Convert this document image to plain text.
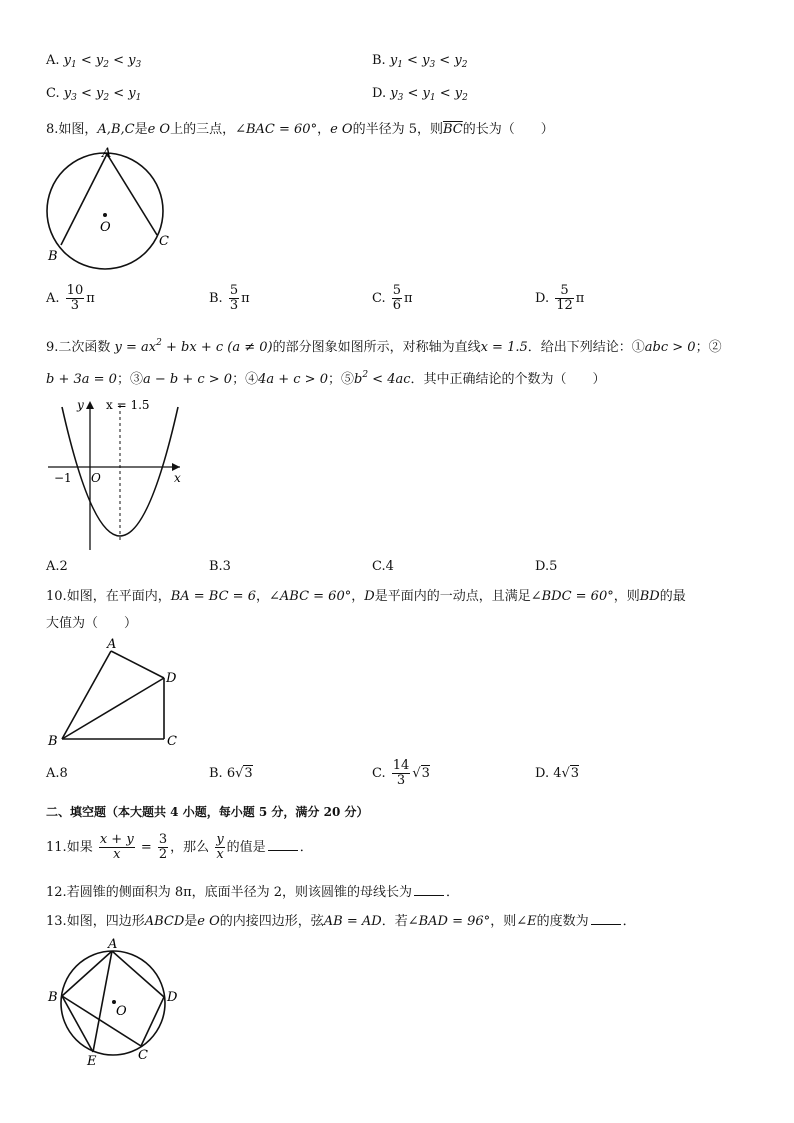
A. $y_1 < y_2 < y_3$	B. $y_1 < y_3 < y_2$
C. $y_3 < y_2 < y_1$	D. $y_3 < y_1 < y_2$
8.如图，A,B,C是e O上的三点，∠BAC = 60°，e O的半径为 5，则$\overline{BC}$的长为（　　）
A
B
C
O
A. $\frac{10}{3}$ π	B. $\frac{5}{3}$ π	C. $\frac{5}{6}$ π	D. $\frac{5}{12}$ π
9.二次函数 $y = ax^2$ + bx + c (a ≠ 0)的部分图象如图所示，对称轴为直线x = 1.5．给出下列结论：①abc > 0；②
b + 3a = 0；③a − b + c > 0；④4a + c > 0；$⑤b^2 < 4ac$．其中正确结论的个数为（　　）
y x = 1.5
x
−1 O
A.2	B.3	C.4	D.5
10.如图，在平面内，BA = BC = 6，∠ABC = 60°，D是平面内的一动点，且满足∠BDC = 60°，则BD的最
大值为（　　）
A
B	C
D
A.8	B. 6√3	C. $\frac{14}{3} √3$	D. 4√3
二、填空题（本大题共 4 小题，每小题 5 分，满分 20 分）
11.如果 $\frac{x + y}{x} = \frac{3}{2}$ ，那么 $\frac{y}{x}$ 的值是	．
12.若圆锥的侧面积为 8π，底面半径为 2，则该圆锥的母线长为	．
13.如图，四边形ABCD是e O的内接四边形，弦AB = AD．若∠BAD = 96°，则∠E的度数为	．
A
B	D
C
E
O
